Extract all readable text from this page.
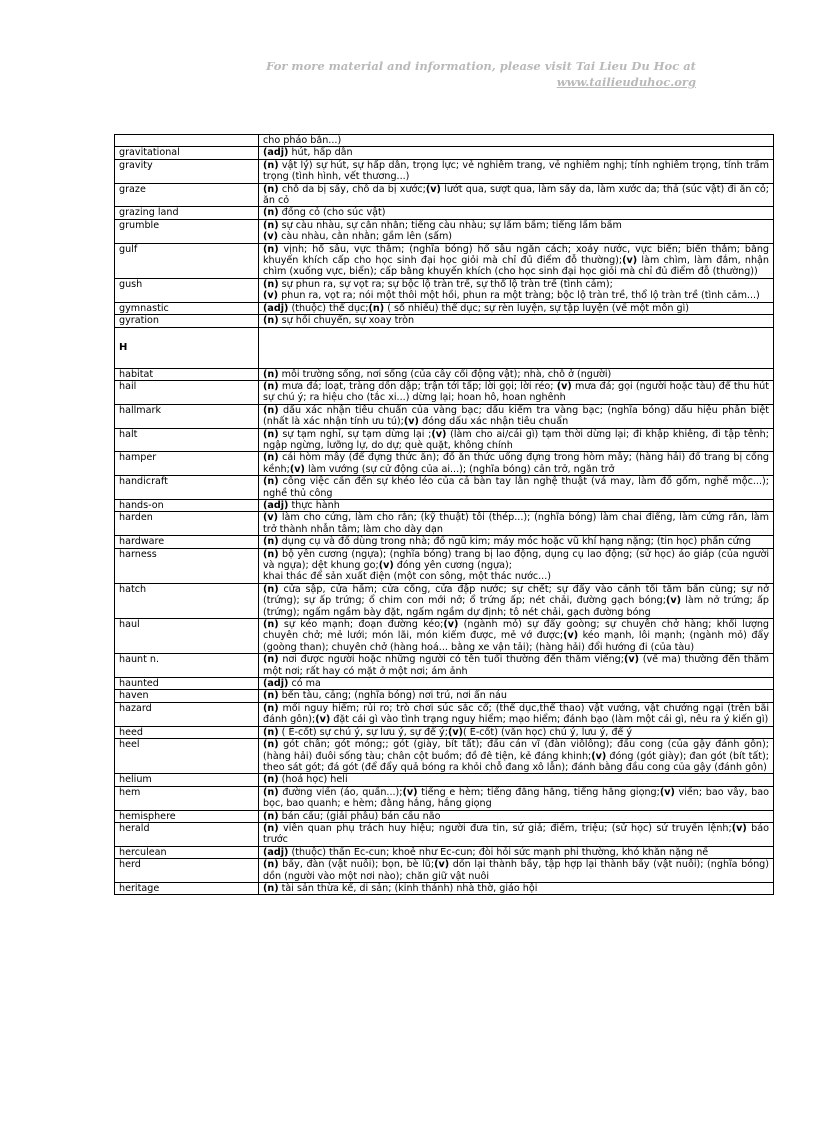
For more material and information, please visit Tai Lieu Du Hoc at
www.tailieuduhoc.org
	cho pháo bắn...)
gravitational	(adj) hút, hấp dẫn
gravity	(n) vật lý) sự hút, sự hấp dẫn, trọng lực; vẻ nghiêm trang, vẻ nghiêm nghị; tính nghiêm trọng, tính trầm trọng (tình hình, vết thương...)
graze	(n) chỗ da bị sầy, chỗ da bị xước;(v) lướt qua, sượt qua, làm sầy da, làm xước da; thả (súc vật) đi ăn cỏ; ăn cỏ
grazing land	(n) đồng cỏ (cho súc vật)
grumble	(n) sự càu nhàu, sự cằn nhằn; tiếng càu nhàu; sự lầm bầm; tiếng lầm bầm
(v) càu nhàu, cằn nhằn; gầm lên (sấm)
gulf	(n) vịnh; hố sâu, vực thẳm; (nghĩa bóng) hố sâu ngăn cách; xoáy nước, vực biển; biển thẳm; bằng khuyến khích cấp cho học sinh đại học giỏi mà chỉ đủ điểm đỗ thường);(v) làm chìm, làm đắm, nhận chìm (xuống vực, biển); cấp bằng khuyến khích (cho học sinh đại học giỏi mà chỉ đủ điểm đỗ (thường))
gush	(n) sự phun ra, sự vọt ra; sự bộc lộ tràn trề, sự thổ lộ tràn trề (tình cảm);
(v) phun ra, vọt ra; nói một thôi một hồi, phun ra một tràng; bộc lộ tràn trề, thổ lộ tràn trề (tình cảm...)
gymnastic	(adj) (thuộc) thể dục;(n) ( số nhiều) thể dục; sự rèn luyện, sự tập luyện (về một môn gì)
gyration	(n) sự hồi chuyển, sự xoay tròn
H	
habitat	(n) môi trường sống, nơi sống (của cây cối động vật); nhà, chỗ ở (người)
hail	(n) mưa đá; loạt, tràng dồn dập; trận tới tấp; lời gọi; lời réo; (v) mưa đá; gọi (người hoặc tàu) để thu hút sự chú ý; ra hiệu cho (tắc xi...) dừng lại; hoan hô, hoan nghênh
hallmark	(n) dấu xác nhận tiêu chuẩn của vàng bạc; dấu kiểm tra vàng bạc; (nghĩa bóng) dấu hiệu phân biệt (nhất là xác nhận tính ưu tú);(v) đóng dấu xác nhận tiêu chuẩn
halt	(n) sự tạm nghỉ, sự tạm dừng lại ;(v) (làm cho ai/cái gì) tạm thời dừng lại; đi khập khiễng, đi tập tễnh; ngập ngừng, lưỡng lự, do dự; què quặt, không chính
hamper	(n) cái hòm mây (để đựng thức ăn); đồ ăn thức uống đựng trong hòm mây; (hàng hải) đồ trang bị cồng kềnh;(v) làm vướng (sự cử động của ai...); (nghĩa bóng) cản trở, ngăn trở
handicraft	(n) công việc cần đến sự khéo léo của cả bàn tay lẫn nghệ thuật (vá may, làm đồ gốm, nghề mộc...); nghề thủ công
hands-on	(adj) thực hành
harden	(v) làm cho cứng, làm cho rắn; (kỹ thuật) tôi (thép...); (nghĩa bóng) làm chai điếng, làm cứng rắn, làm trở thành nhẫn tâm; làm cho dày dạn
hardware	(n) dụng cụ và đồ dùng trong nhà; đồ ngũ kim; máy móc hoặc vũ khí hạng nặng; (tin học) phần cứng
harness	(n) bộ yên cương (ngựa); (nghĩa bóng) trang bị lao động, dụng cụ lao động; (sử học) áo giáp (của người và ngựa); dệt khung go;(v) đóng yên cương (ngựa);
khai thác để sản xuất điện (một con sông, một thác nước...)
hatch	(n) cửa sập, cửa hầm; cửa cống, cửa đập nước; sự chết; sự đẩy vào cảnh tối tăm bần cùng; sự nở (trứng); sự ấp trứng; ổ chim con mới nở; ổ trứng ấp; nét chải, đường gạch bóng;(v) làm nở trứng; ấp (trứng); ngấm ngầm bày đặt, ngấm ngầm dự định; tô nét chải, gạch đường bóng
haul	(n) sự kéo mạnh; đoạn đường kéo;(v) (ngành mỏ) sự đẩy goòng; sự chuyên chở hàng; khối lượng chuyên chở; mẻ lưới; món lãi, món kiếm được, mẻ vớ được;(v) kéo mạnh, lôi mạnh; (ngành mỏ) đẩy (goòng than); chuyên chở (hàng hoá... bằng xe vận tải); (hàng hải) đổi hướng đi (của tàu)
haunt n.	(n) nơi được người hoặc những người có tên tuổi thường đến thăm viếng;(v) (về ma) thường đến thăm một nơi; rất hay có mặt ở một nơi; ám ảnh
haunted	(adj) có ma
haven	(n) bến tàu, cảng; (nghĩa bóng) nơi trú, nơi ẩn náu
hazard	(n) mối nguy hiểm; rủi ro; trò chơi súc sắc cổ; (thể dục,thể thao) vật vướng, vật chướng ngại (trên bãi đánh gôn);(v) đặt cái gì vào tình trạng nguy hiểm; mạo hiểm; đánh bạo (làm một cái gì, nêu ra ý kiến gì)
heed	(n) ( Ê-cốt) sự chú ý, sự lưu ý, sự để ý;(v)( Ê-cốt) (văn học) chú ý, lưu ý, để ý
heel	(n) gót chân; gót móng;; gót (giày, bít tất); đầu cán vĩ (đàn viôlông); đầu cong (của gậy đánh gôn); (hàng hải) đuôi sống tàu; chân cột buồm; đồ đê tiện, kẻ đáng khinh;(v) đóng (gót giày); đan gót (bít tất); theo sát gót; đá gót (để đẩy quả bóng ra khỏi chỗ đang xô lẫn); đánh bằng đầu cong của gậy (đánh gôn)
helium	(n) (hoá học) heli
hem	(n) đường viền (áo, quần...);(v) tiếng e hèm; tiếng đằng hắng, tiếng hắng giọng;(v) viền; bao vây, bao bọc, bao quanh; e hèm; đằng hắng, hắng giọng
hemisphere	(n) bán cầu; (giải phẫu) bán cầu não
herald	(n) viên quan phụ trách huy hiệu; người đưa tin, sứ giả; điềm, triệu; (sử học) sứ truyền lệnh;(v) báo trước
herculean	(adj) (thuộc) thần Ec-cun; khoẻ như Ec-cun; đòi hỏi sức mạnh phi thường, khó khăn nặng nề
herd	(n) bầy, đàn (vật nuôi); bọn, bè lũ;(v) dồn lại thành bầy, tập hợp lại thành bầy (vật nuôi); (nghĩa bóng) dồn (người vào một nơi nào); chăn giữ vật nuôi
heritage	(n) tài sản thừa kế, di sản; (kinh thánh) nhà thờ, giáo hội
